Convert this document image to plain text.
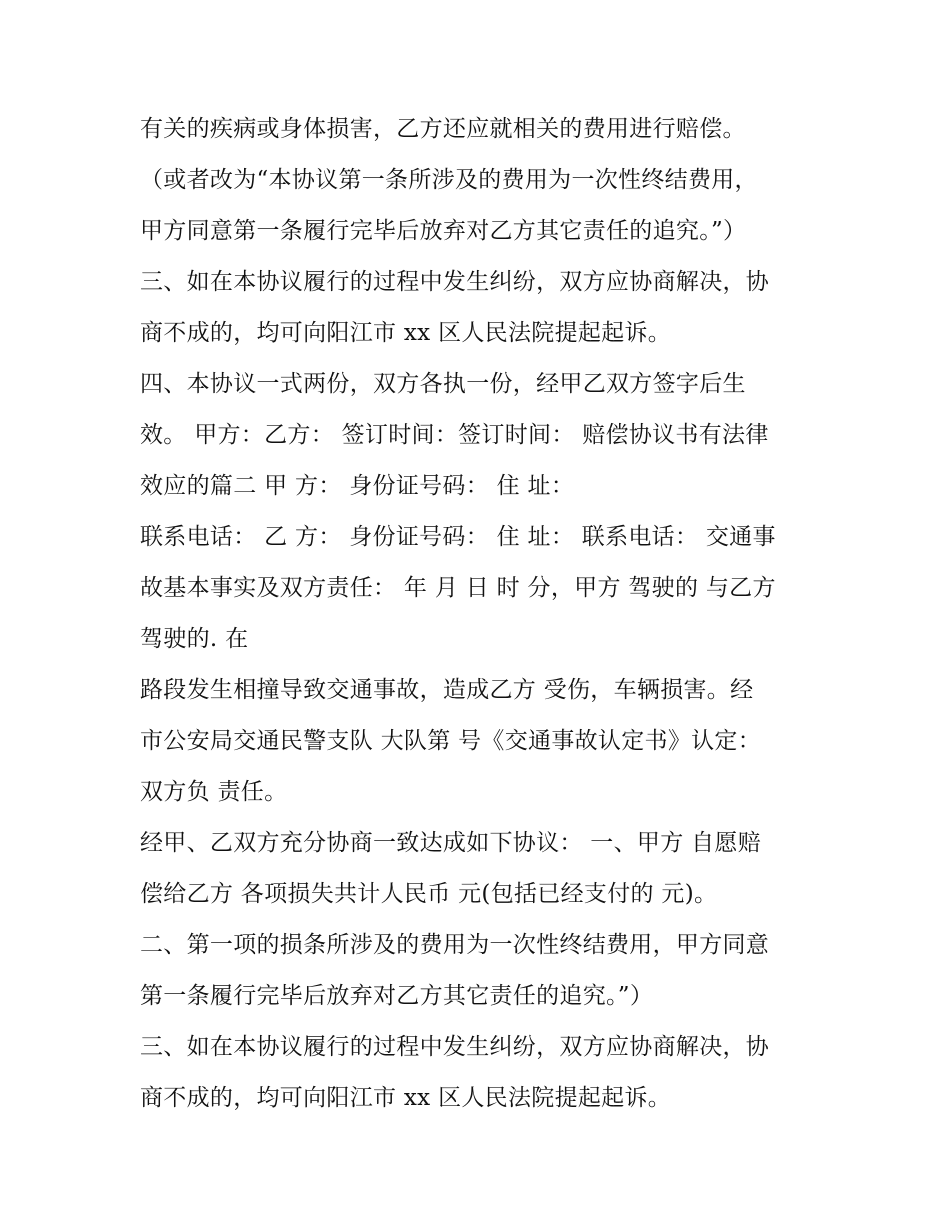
有关的疾病或身体损害，乙方还应就相关的费用进行赔偿。
（或者改为“本协议第一条所涉及的费用为一次性终结费用，
甲方同意第一条履行完毕后放弃对乙方其它责任的追究。”）
三、如在本协议履行的过程中发生纠纷，双方应协商解决，协
商不成的，均可向阳江市 xx 区人民法院提起起诉。
四、本协议一式两份，双方各执一份，经甲乙双方签字后生
效。 甲方：乙方： 签订时间：签订时间： 赔偿协议书有法律
效应的篇二 甲 方： 身份证号码： 住 址：
联系电话： 乙 方： 身份证号码： 住 址： 联系电话： 交通事
故基本事实及双方责任： 年 月 日 时 分，甲方 驾驶的 与乙方
驾驶的. 在
路段发生相撞导致交通事故，造成乙方 受伤，车辆损害。经
市公安局交通民警支队 大队第 号《交通事故认定书》认定：
双方负 责任。
经甲、乙双方充分协商一致达成如下协议： 一、甲方 自愿赔
偿给乙方 各项损失共计人民币 元(包括已经支付的 元)。
二、第一项的损条所涉及的费用为一次性终结费用，甲方同意
第一条履行完毕后放弃对乙方其它责任的追究。”）
三、如在本协议履行的过程中发生纠纷，双方应协商解决，协
商不成的，均可向阳江市 xx 区人民法院提起起诉。
